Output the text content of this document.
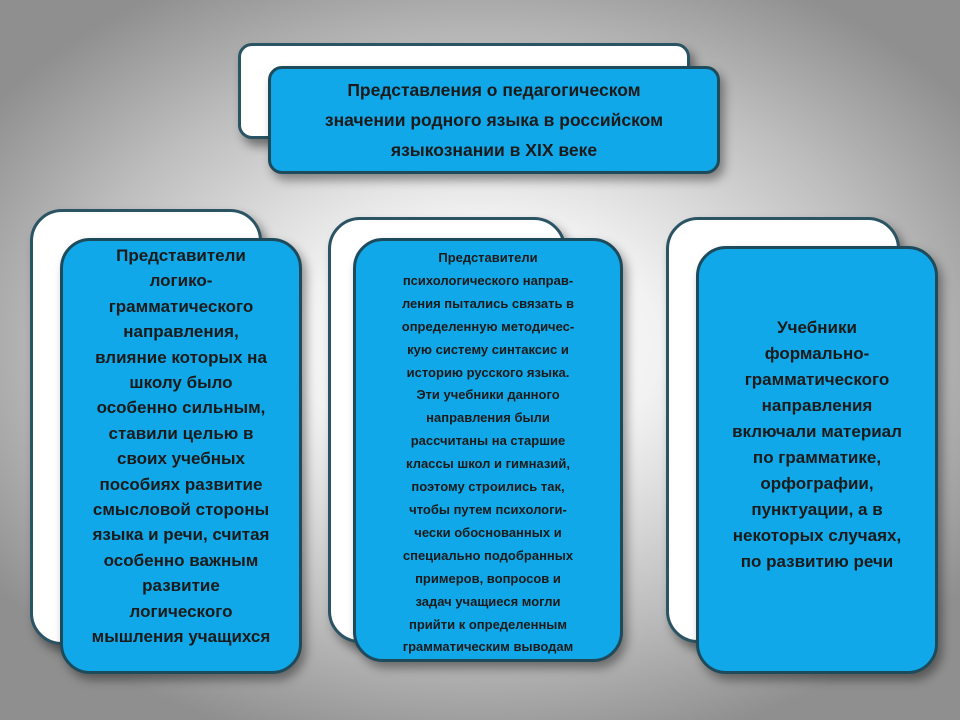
Представления о педагогическом
значении родного языка в российском
языкознании в XIX веке
Представители
логико-
грамматического
направления,
влияние которых на
школу было
особенно сильным,
ставили целью в
своих учебных
пособиях развитие
смысловой стороны
языка и речи, считая
особенно важным
развитие
логического
мышления учащихся
Представители
психологического направ-
ления пытались связать в
определенную методичес-
кую систему синтаксис и
историю русского языка.
Эти учебники данного
направления были
рассчитаны на старшие
классы школ и гимназий,
поэтому строились так,
чтобы путем психологи-
чески обоснованных и
специально подобранных
примеров, вопросов и
задач учащиеся могли
прийти к определенным
грамматическим выводам
Учебники
формально-
грамматического
направления
включали материал
по грамматике,
орфографии,
пунктуации, а в
некоторых случаях,
по развитию речи
